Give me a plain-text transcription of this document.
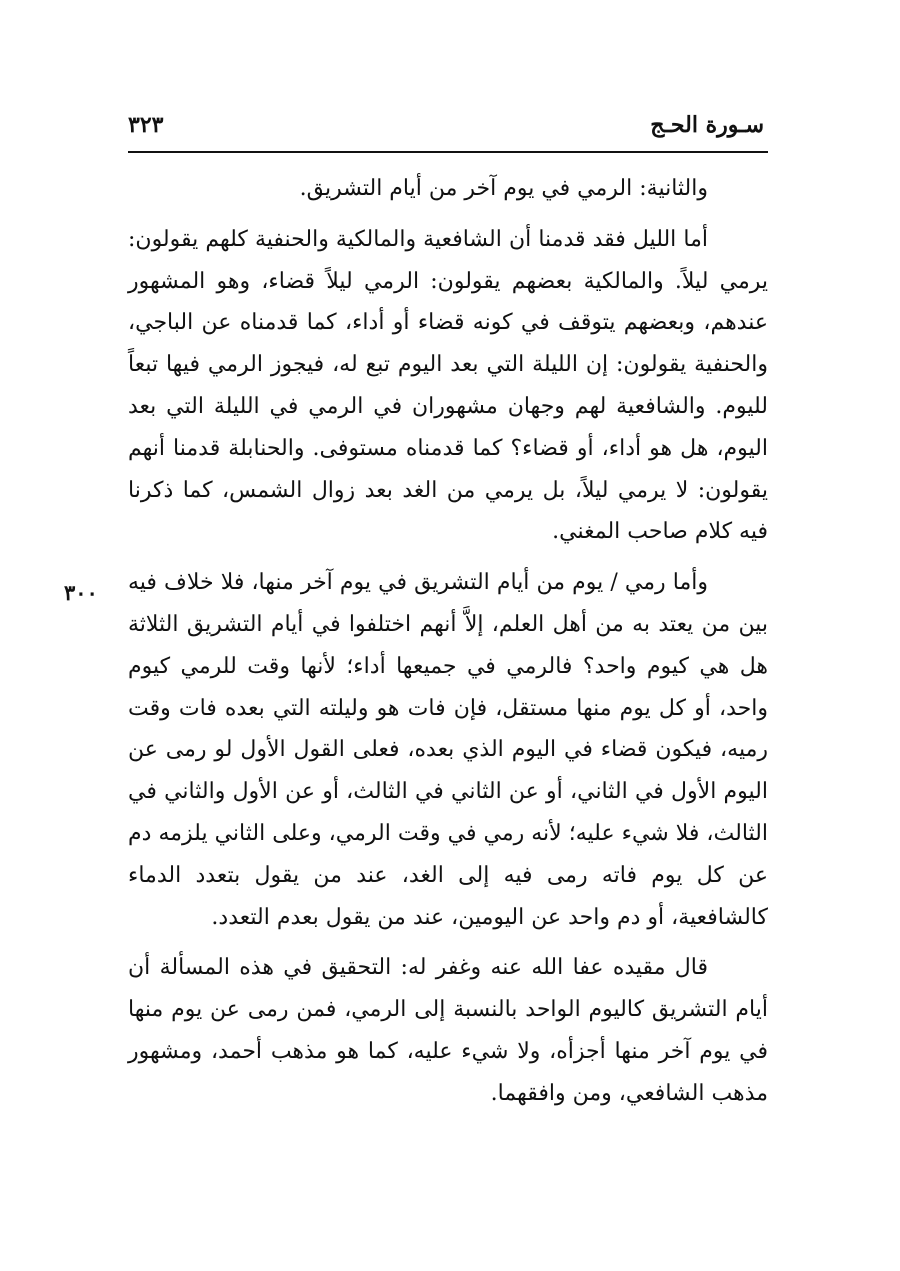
سـورة الحـج
٣٢٣
٣٠٠

والثانية: الرمي في يوم آخر من أيام التشريق.

أما الليل فقد قدمنا أن الشافعية والمالكية والحنفية كلهم يقولون: يرمي ليلاً. والمالكية بعضهم يقولون: الرمي ليلاً قضاء، وهو المشهور عندهم، وبعضهم يتوقف في كونه قضاء أو أداء، كما قدمناه عن الباجي، والحنفية يقولون: إن الليلة التي بعد اليوم تبع له، فيجوز الرمي فيها تبعاً لليوم. والشافعية لهم وجهان مشهوران في الرمي في الليلة التي بعد اليوم، هل هو أداء، أو قضاء؟ كما قدمناه مستوفى. والحنابلة قدمنا أنهم يقولون: لا يرمي ليلاً، بل يرمي من الغد بعد زوال الشمس، كما ذكرنا فيه كلام صاحب المغني.

وأما رمي / يوم من أيام التشريق في يوم آخر منها، فلا خلاف فيه بين من يعتد به من أهل العلم، إلاَّ أنهم اختلفوا في أيام التشريق الثلاثة هل هي كيوم واحد؟ فالرمي في جميعها أداء؛ لأنها وقت للرمي كيوم واحد، أو كل يوم منها مستقل، فإن فات هو وليلته التي بعده فات وقت رميه، فيكون قضاء في اليوم الذي بعده، فعلى القول الأول لو رمى عن اليوم الأول في الثاني، أو عن الثاني في الثالث، أو عن الأول والثاني في الثالث، فلا شيء عليه؛ لأنه رمي في وقت الرمي، وعلى الثاني يلزمه دم عن كل يوم فاته رمى فيه إلى الغد، عند من يقول بتعدد الدماء كالشافعية، أو دم واحد عن اليومين، عند من يقول بعدم التعدد.

قال مقيده عفا الله عنه وغفر له: التحقيق في هذه المسألة أن أيام التشريق كاليوم الواحد بالنسبة إلى الرمي، فمن رمى عن يوم منها في يوم آخر منها أجزأه، ولا شيء عليه، كما هو مذهب أحمد، ومشهور مذهب الشافعي، ومن وافقهما.
